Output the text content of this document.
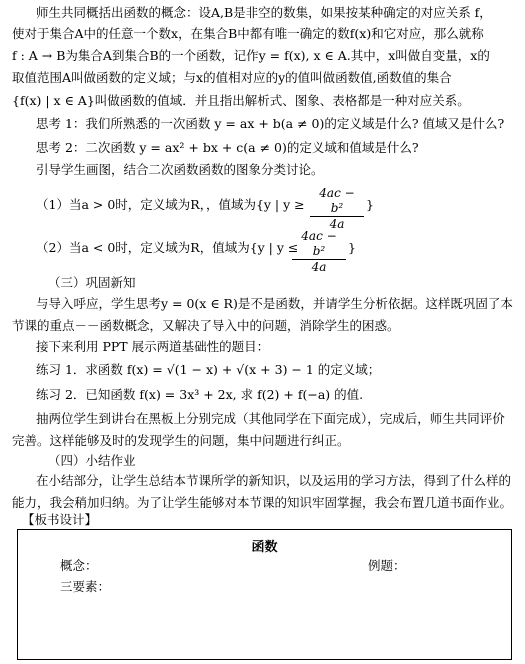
师生共同概括出函数的概念：设A,B是非空的数集，如果按某种确定的对应关系 f，
使对于集合A中的任意一个数x，在集合B中都有唯一确定的数f(x)和它对应，那么就称
f : A → B为集合A到集合B的一个函数，记作y = f(x), x ∈ A.其中，x叫做自变量，x的
取值范围A叫做函数的定义域；与x的值相对应的y的值叫做函数值,函数值的集合
{f(x) | x ∈ A}叫做函数的值域．并且指出解析式、图象、表格都是一种对应关系。
思考 1：我们所熟悉的一次函数 y = ax + b(a ≠ 0)的定义域是什么? 值域又是什么?
思考 2：二次函数 y = ax² + bx + c(a ≠ 0)的定义域和值域是什么?
引导学生画图，结合二次函数函数的图象分类讨论。
（1）当a > 0时，定义域为R，，值域为{y | $y \ge \frac{\text{4ac − b²}}{4a}$ }
（2）当a < 0时，定义域为R，值域为{y | y ≤
$\frac{\text{4ac − b²}}{4a}$ }
（三）巩固新知
与导入呼应，学生思考y = 0(x ∈ R)是不是函数，并请学生分析依据。这样既巩固了本
节课的重点－－函数概念，又解决了导入中的问题，消除学生的困惑。
接下来利用 PPT 展示两道基础性的题目：
练习 1．求函数 f(x) = √(1 − x) + √(x + 3) − 1 的定义域；
练习 2．已知函数 f(x) = 3x³ + 2x, 求 f(2) + f(−a) 的值.
抽两位学生到讲台在黑板上分别完成（其他同学在下面完成），完成后，师生共同评价
完善。这样能够及时的发现学生的问题，集中问题进行纠正。
（四）小结作业
在小结部分，让学生总结本节课所学的新知识，以及运用的学习方法，得到了什么样的
能力，我会稍加归纳。为了让学生能够对本节课的知识牢固掌握，我会布置几道书面作业。
【板书设计】
函数
概念：	例题：
三要素：
